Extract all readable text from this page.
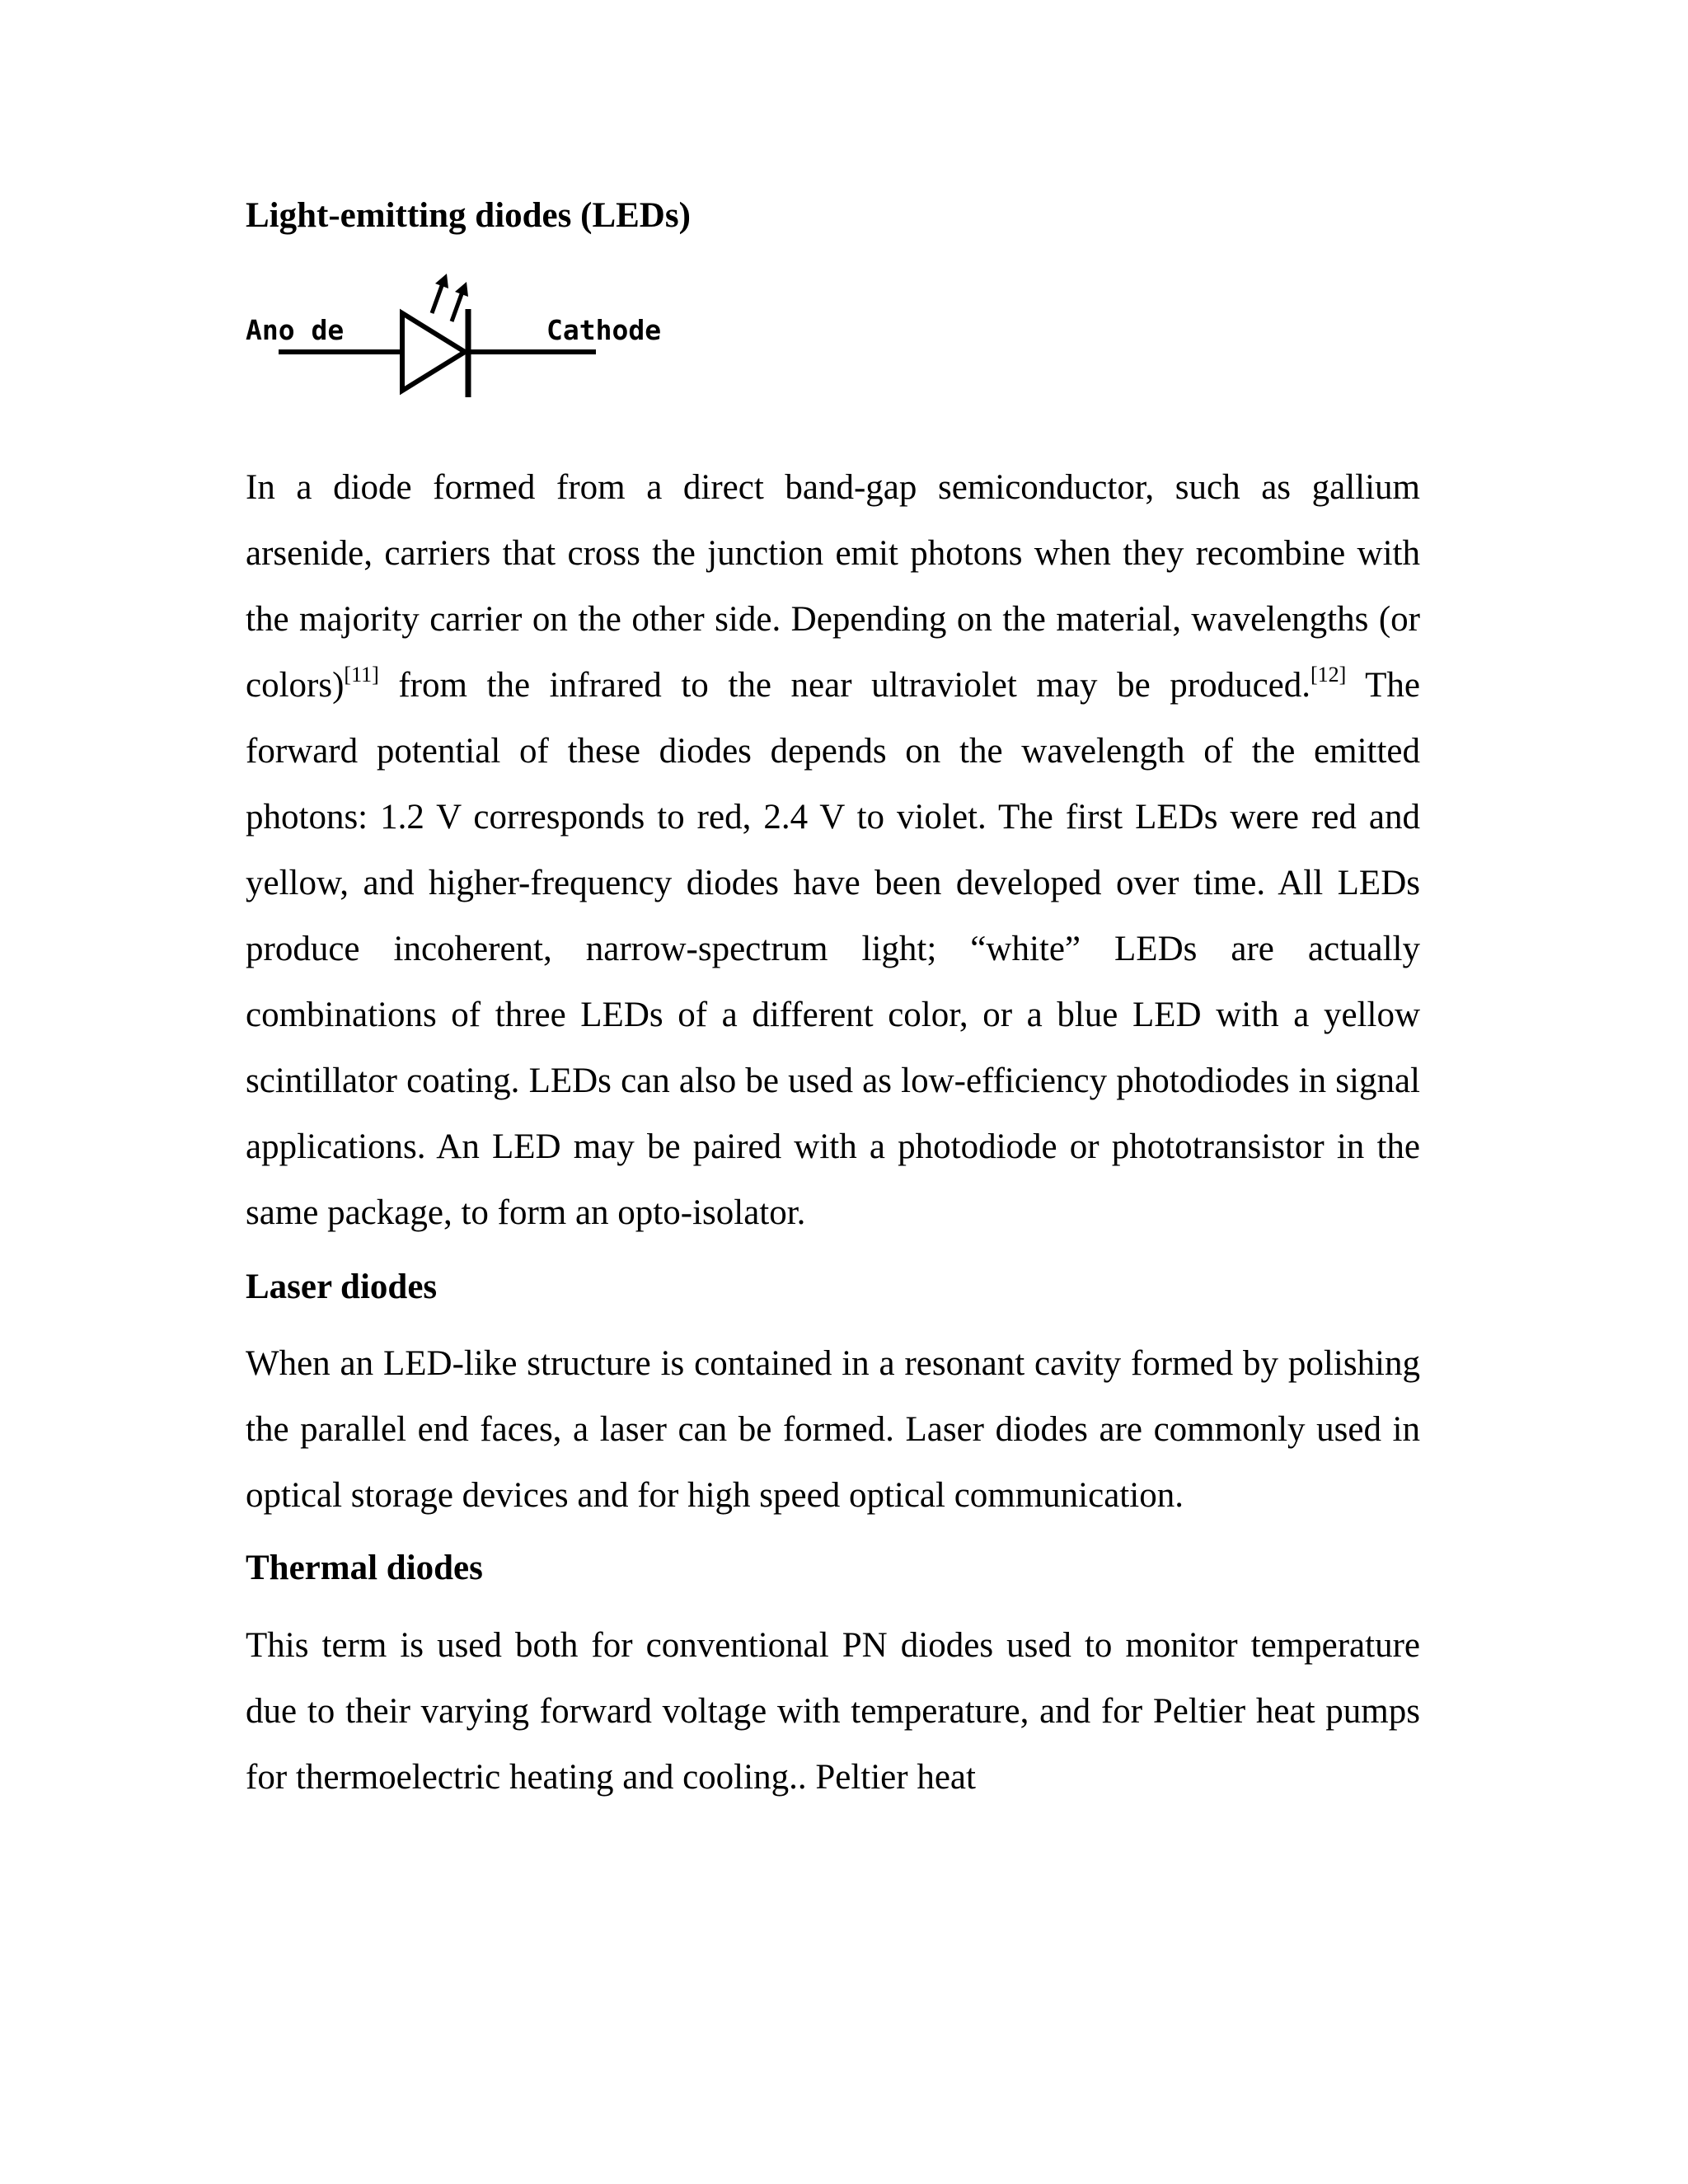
Light-emitting diodes (LEDs)
Ano de	Cathode

In a diode formed from a direct band-gap semiconductor, such as gallium arsenide, carriers that cross the junction emit photons when they recombine with the majority carrier on the other side. Depending on the material, wavelengths (or colors)[11] from the infrared to the near ultraviolet may be produced.[12] The forward potential of these diodes depends on the wavelength of the emitted photons: 1.2 V corresponds to red, 2.4 V to violet. The first LEDs were red and yellow, and higher-frequency diodes have been developed over time. All LEDs produce incoherent, narrow-spectrum light; “white” LEDs are actually combinations of three LEDs of a different color, or a blue LED with a yellow scintillator coating. LEDs can also be used as low-efficiency photodiodes in signal applications. An LED may be paired with a photodiode or phototransistor in the same package, to form an opto-isolator.

Laser diodes

When an LED-like structure is contained in a resonant cavity formed by polishing the parallel end faces, a laser can be formed. Laser diodes are commonly used in optical storage devices and for high speed optical communication.

Thermal diodes

This term is used both for conventional PN diodes used to monitor temperature due to their varying forward voltage with temperature, and for Peltier heat pumps for thermoelectric heating and cooling.. Peltier heat
